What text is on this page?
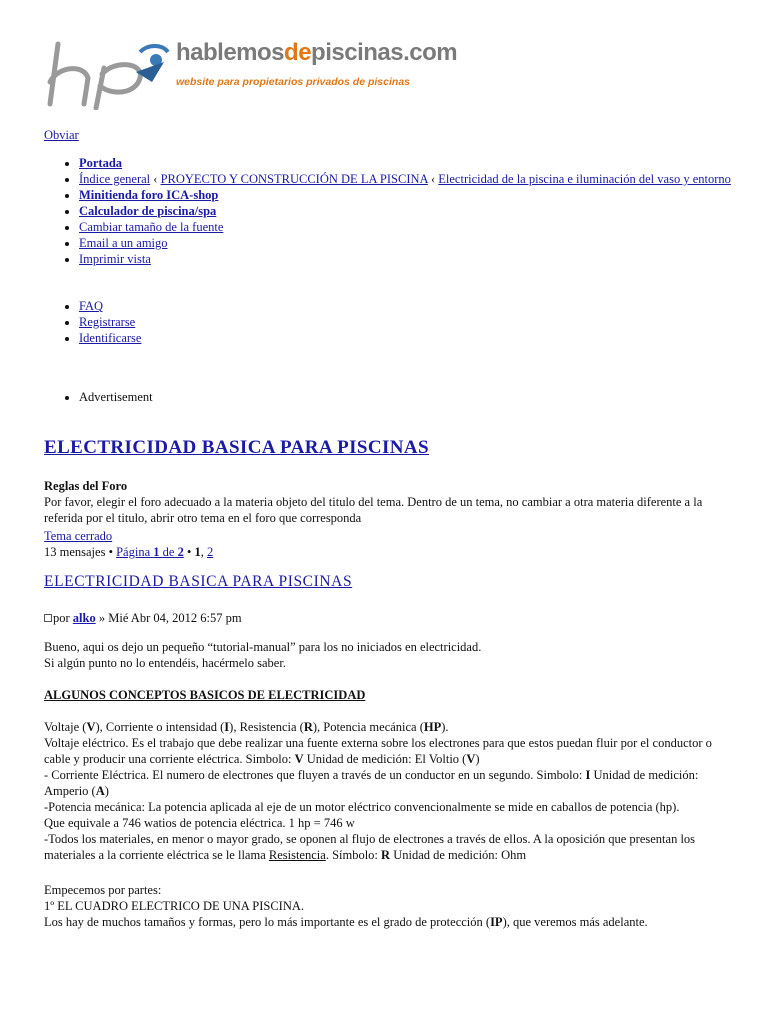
hablemosdepiscinas.com
website para propietarios privados de piscinas
Obviar
• Portada
• Índice general ‹ PROYECTO Y CONSTRUCCIÓN DE LA PISCINA ‹ Electricidad de la piscina e iluminación del vaso y entorno
• Minitienda foro ICA-shop
• Calculador de piscina/spa
• Cambiar tamaño de la fuente
• Email a un amigo
• Imprimir vista
• FAQ
• Registrarse
• Identificarse
• Advertisement
ELECTRICIDAD BASICA PARA PISCINAS
Reglas del Foro
Por favor, elegir el foro adecuado a la materia objeto del titulo del tema. Dentro de un tema, no cambiar a otra materia diferente a la referida por el titulo, abrir otro tema en el foro que corresponda
Tema cerrado
13 mensajes • Página 1 de 2 • 1, 2
ELECTRICIDAD BASICA PARA PISCINAS
por alko » Mié Abr 04, 2012 6:57 pm
Bueno, aqui os dejo un pequeño “tutorial-manual” para los no iniciados en electricidad.
Si algún punto no lo entendéis, hacérmelo saber.
ALGUNOS CONCEPTOS BASICOS DE ELECTRICIDAD
Voltaje (V), Corriente o intensidad (I), Resistencia (R), Potencia mecánica (HP).
Voltaje eléctrico. Es el trabajo que debe realizar una fuente externa sobre los electrones para que estos puedan fluir por el conductor o cable y producir una corriente eléctrica. Simbolo: V Unidad de medición: El Voltio (V)
- Corriente Eléctrica. El numero de electrones que fluyen a través de un conductor en un segundo. Simbolo: I Unidad de medición: Amperio (A)
-Potencia mecánica: La potencia aplicada al eje de un motor eléctrico convencionalmente se mide en caballos de potencia (hp).
Que equivale a 746 watios de potencia eléctrica. 1 hp = 746 w
-Todos los materiales, en menor o mayor grado, se oponen al flujo de electrones a través de ellos. A la oposición que presentan los materiales a la corriente eléctrica se le llama Resistencia. Símbolo: R Unidad de medición: Ohm
Empecemos por partes:
1º EL CUADRO ELECTRICO DE UNA PISCINA.
Los hay de muchos tamaños y formas, pero lo más importante es el grado de protección (IP), que veremos más adelante.
